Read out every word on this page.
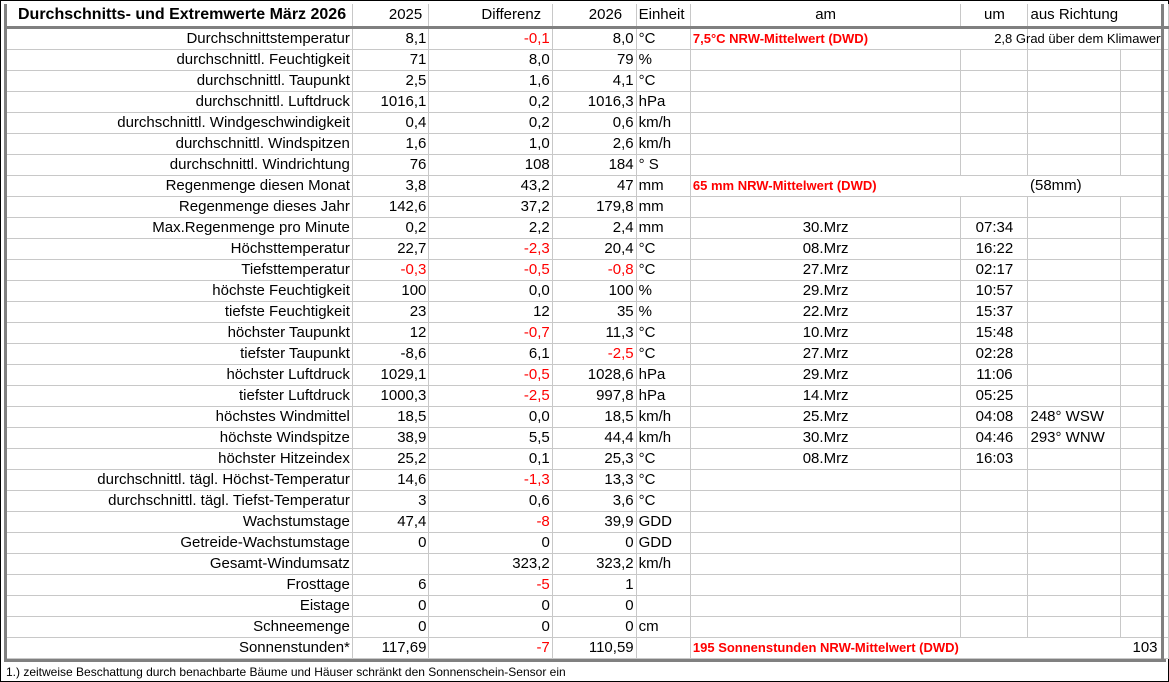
Durchschnitts- und Extremwerte März 2026	2025	Differenz	2026	Einheit	am	um	aus Richtung	
Durchschnittstemperatur	8,1	-0,1	8,0	°C	7,5°C NRW-Mittelwert (DWD)			2,8 Grad über dem Klimawert

durchschnittl. Feuchtigkeit	71	8,0	79	%				
durchschnittl. Taupunkt	2,5	1,6	4,1	°C				
durchschnittl. Luftdruck	1016,1	0,2	1016,3	hPa				
durchschnittl. Windgeschwindigkeit	0,4	0,2	0,6	km/h				
durchschnittl. Windspitzen	1,6	1,0	2,6	km/h				
durchschnittl. Windrichtung	76	108	184	° S				
Regenmenge diesen Monat	3,8	43,2	47	mm	65 mm NRW-Mittelwert (DWD)		(58mm)	
Regenmenge dieses Jahr	142,6	37,2	179,8	mm				
Max.Regenmenge pro Minute	0,2	2,2	2,4	mm	30.Mrz	07:34		
Höchsttemperatur	22,7	-2,3	20,4	°C	08.Mrz	16:22		
Tiefsttemperatur	-0,3	-0,5	-0,8	°C	27.Mrz	02:17		
höchste Feuchtigkeit	100	0,0	100	%	29.Mrz	10:57		
tiefste Feuchtigkeit	23	12	35	%	22.Mrz	15:37		
höchster Taupunkt	12	-0,7	11,3	°C	10.Mrz	15:48		
tiefster Taupunkt	-8,6	6,1	-2,5	°C	27.Mrz	02:28		
höchster Luftdruck	1029,1	-0,5	1028,6	hPa	29.Mrz	11:06		
tiefster Luftdruck	1000,3	-2,5	997,8	hPa	14.Mrz	05:25		
höchstes Windmittel	18,5	0,0	18,5	km/h	25.Mrz	04:08	248° WSW	
höchste Windspitze	38,9	5,5	44,4	km/h	30.Mrz	04:46	293° WNW	
höchster Hitzeindex	25,2	0,1	25,3	°C	08.Mrz	16:03		
durchschnittl. tägl. Höchst-Temperatur	14,6	-1,3	13,3	°C				
durchschnittl. tägl. Tiefst-Temperatur	3	0,6	3,6	°C				
Wachstumstage	47,4	-8	39,9	GDD				
Getreide-Wachstumstage	0	0	0	GDD				
Gesamt-Windumsatz		323,2	323,2	km/h				
Frosttage	6	-5	1					
Eistage	0	0	0					
Schneemenge	0	0	0	cm				
Sonnenstunden*	117,69	-7	110,59		195 Sonnenstunden NRW-Mittelwert (DWD)			103
1.) zeitweise Beschattung durch benachbarte Bäume und Häuser schränkt den Sonnenschein-Sensor ein
